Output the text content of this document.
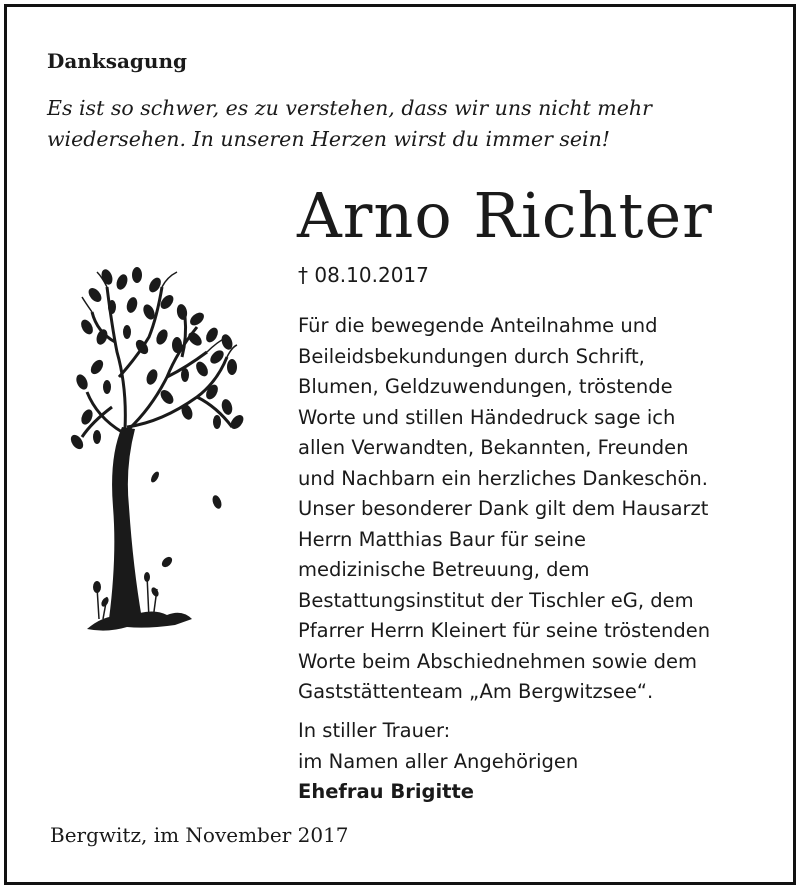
Danksagung
Es ist so schwer, es zu verstehen, dass wir uns nicht mehr
wiedersehen. In unseren Herzen wirst du immer sein!
Arno Richter
† 08.10.2017
Für die bewegende Anteilnahme und
Beileidsbekundungen durch Schrift,
Blumen, Geldzuwendungen, tröstende
Worte und stillen Händedruck sage ich
allen Verwandten, Bekannten, Freunden
und Nachbarn ein herzliches Dankeschön.
Unser besonderer Dank gilt dem Hausarzt
Herrn Matthias Baur für seine
medizinische Betreuung, dem
Bestattungsinstitut der Tischler eG, dem
Pfarrer Herrn Kleinert für seine tröstenden
Worte beim Abschiednehmen sowie dem
Gaststättenteam „Am Bergwitzsee“.
In stiller Trauer:
im Namen aller Angehörigen
Ehefrau Brigitte
Bergwitz, im November 2017
